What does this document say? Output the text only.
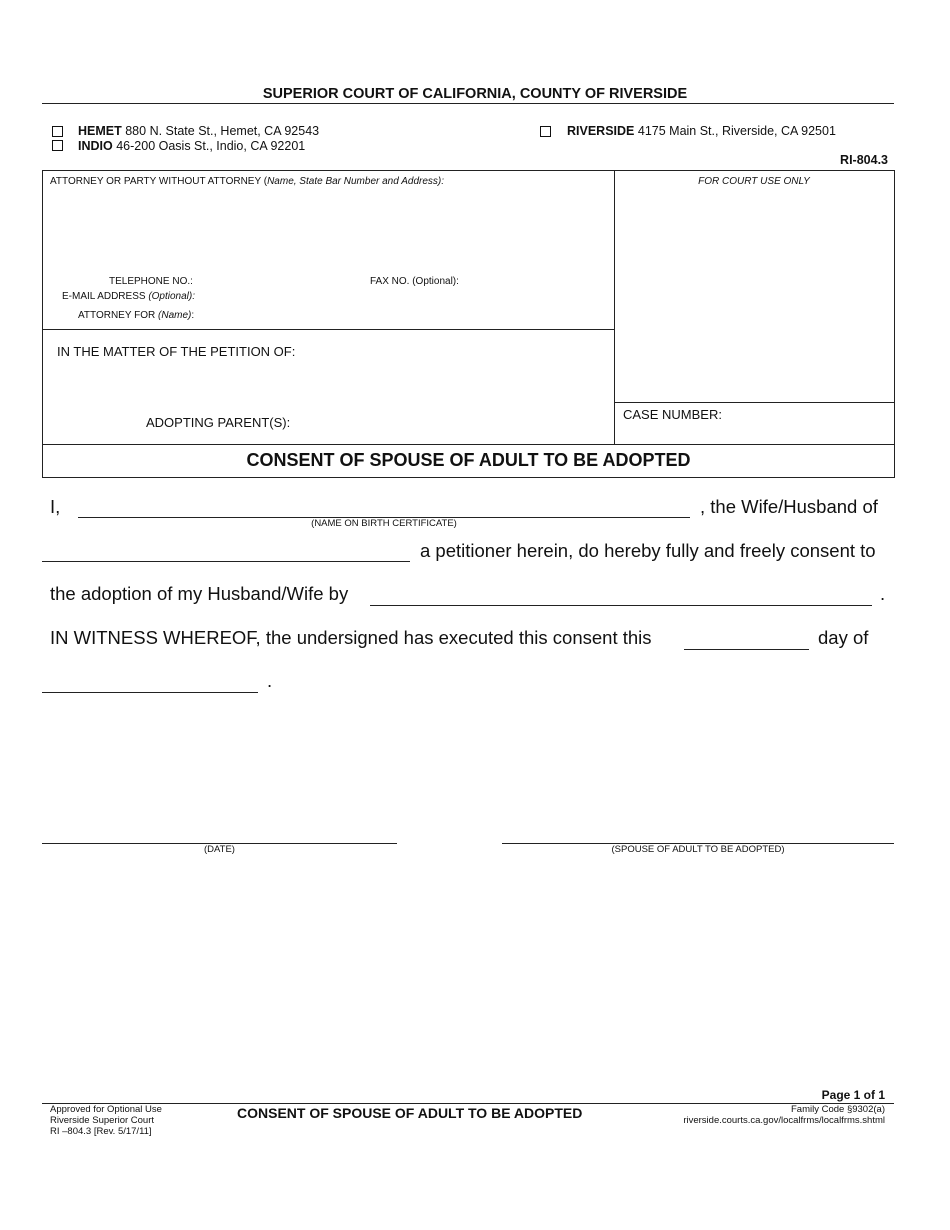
SUPERIOR COURT OF CALIFORNIA, COUNTY OF RIVERSIDE
HEMET 880 N. State St., Hemet, CA 92543
INDIO 46-200 Oasis St., Indio, CA 92201
RIVERSIDE 4175 Main St., Riverside, CA 92501
RI-804.3
ATTORNEY OR PARTY WITHOUT ATTORNEY (Name, State Bar Number and Address):	FOR COURT USE ONLY
TELEPHONE NO.:	FAX NO. (Optional):
E-MAIL ADDRESS (Optional):
ATTORNEY FOR (Name):
IN THE MATTER OF THE PETITION OF:
ADOPTING PARENT(S):
CASE NUMBER:
CONSENT OF SPOUSE OF ADULT TO BE ADOPTED
I,
(NAME ON BIRTH CERTIFICATE)
, the Wife/Husband of
a petitioner herein, do hereby fully and freely consent to
the adoption of my Husband/Wife by	.
IN WITNESS WHEREOF, the undersigned has executed this consent this	day of
.
(DATE)	(SPOUSE OF ADULT TO BE ADOPTED)
Page 1 of 1
Approved for Optional Use
Riverside Superior Court
RI –804.3 [Rev. 5/17/11]
CONSENT OF SPOUSE OF ADULT TO BE ADOPTED	Family Code §9302(a)
riverside.courts.ca.gov/localfrms/localfrms.shtml
